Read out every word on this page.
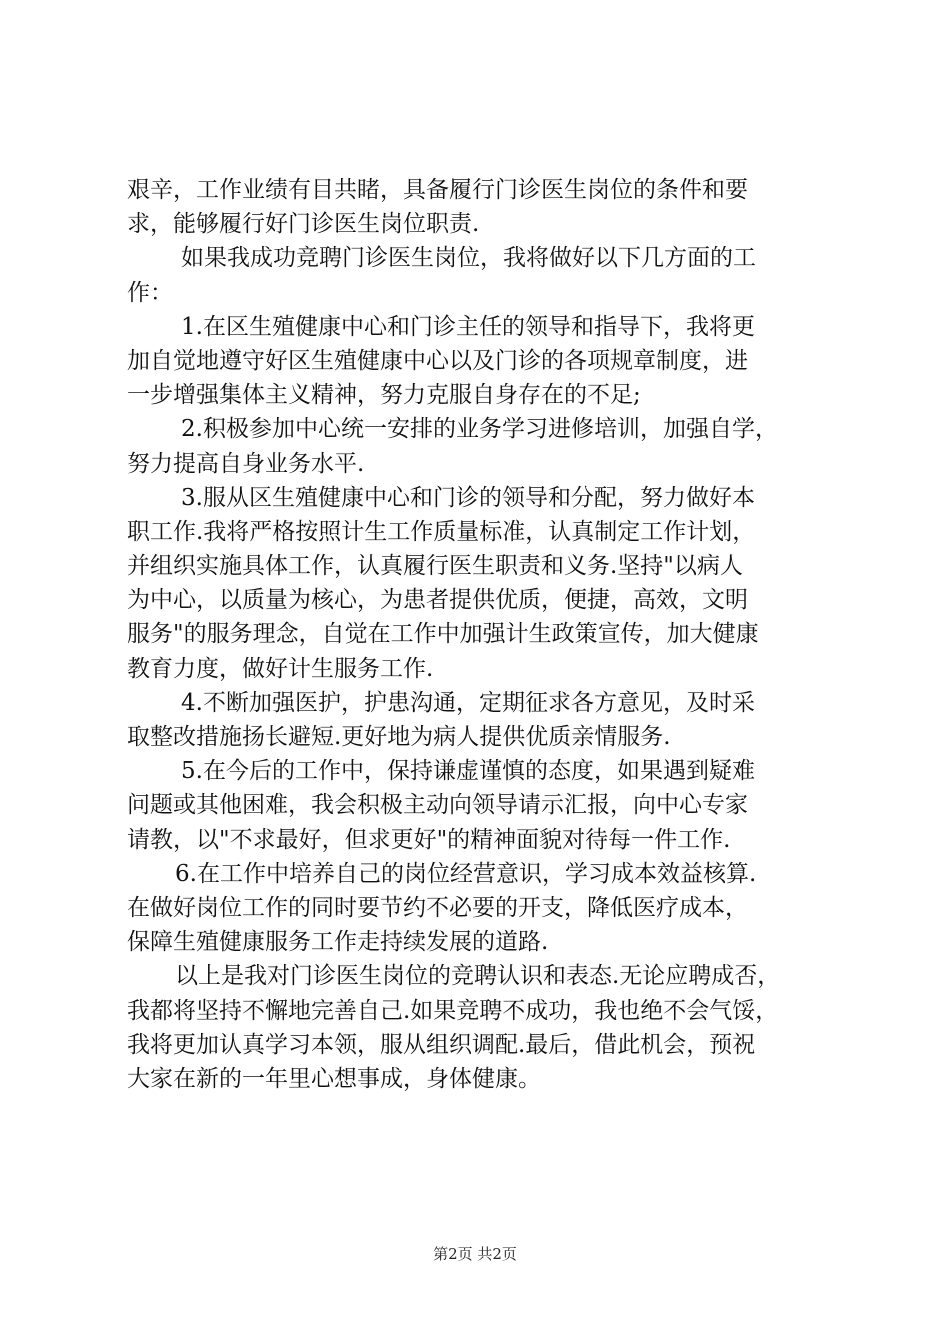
艰辛，工作业绩有目共睹，具备履行门诊医生岗位的条件和要
求，能够履行好门诊医生岗位职责.
如果我成功竞聘门诊医生岗位，我将做好以下几方面的工
作：
1.在区生殖健康中心和门诊主任的领导和指导下，我将更
加自觉地遵守好区生殖健康中心以及门诊的各项规章制度，进
一步增强集体主义精神，努力克服自身存在的不足;
2.积极参加中心统一安排的业务学习进修培训，加强自学，
努力提高自身业务水平.
3.服从区生殖健康中心和门诊的领导和分配，努力做好本
职工作.我将严格按照计生工作质量标准，认真制定工作计划，
并组织实施具体工作，认真履行医生职责和义务.坚持"以病人
为中心，以质量为核心，为患者提供优质，便捷，高效，文明
服务"的服务理念，自觉在工作中加强计生政策宣传，加大健康
教育力度，做好计生服务工作.
4.不断加强医护，护患沟通，定期征求各方意见，及时采
取整改措施扬长避短.更好地为病人提供优质亲情服务.
5.在今后的工作中，保持谦虚谨慎的态度，如果遇到疑难
问题或其他困难，我会积极主动向领导请示汇报，向中心专家
请教，以"不求最好，但求更好"的精神面貌对待每一件工作.
6.在工作中培养自己的岗位经营意识，学习成本效益核算.
在做好岗位工作的同时要节约不必要的开支，降低医疗成本，
保障生殖健康服务工作走持续发展的道路.
以上是我对门诊医生岗位的竞聘认识和表态.无论应聘成否，
我都将坚持不懈地完善自己.如果竞聘不成功，我也绝不会气馁，
我将更加认真学习本领，服从组织调配.最后，借此机会，预祝
大家在新的一年里心想事成，身体健康。
第2页 共2页
